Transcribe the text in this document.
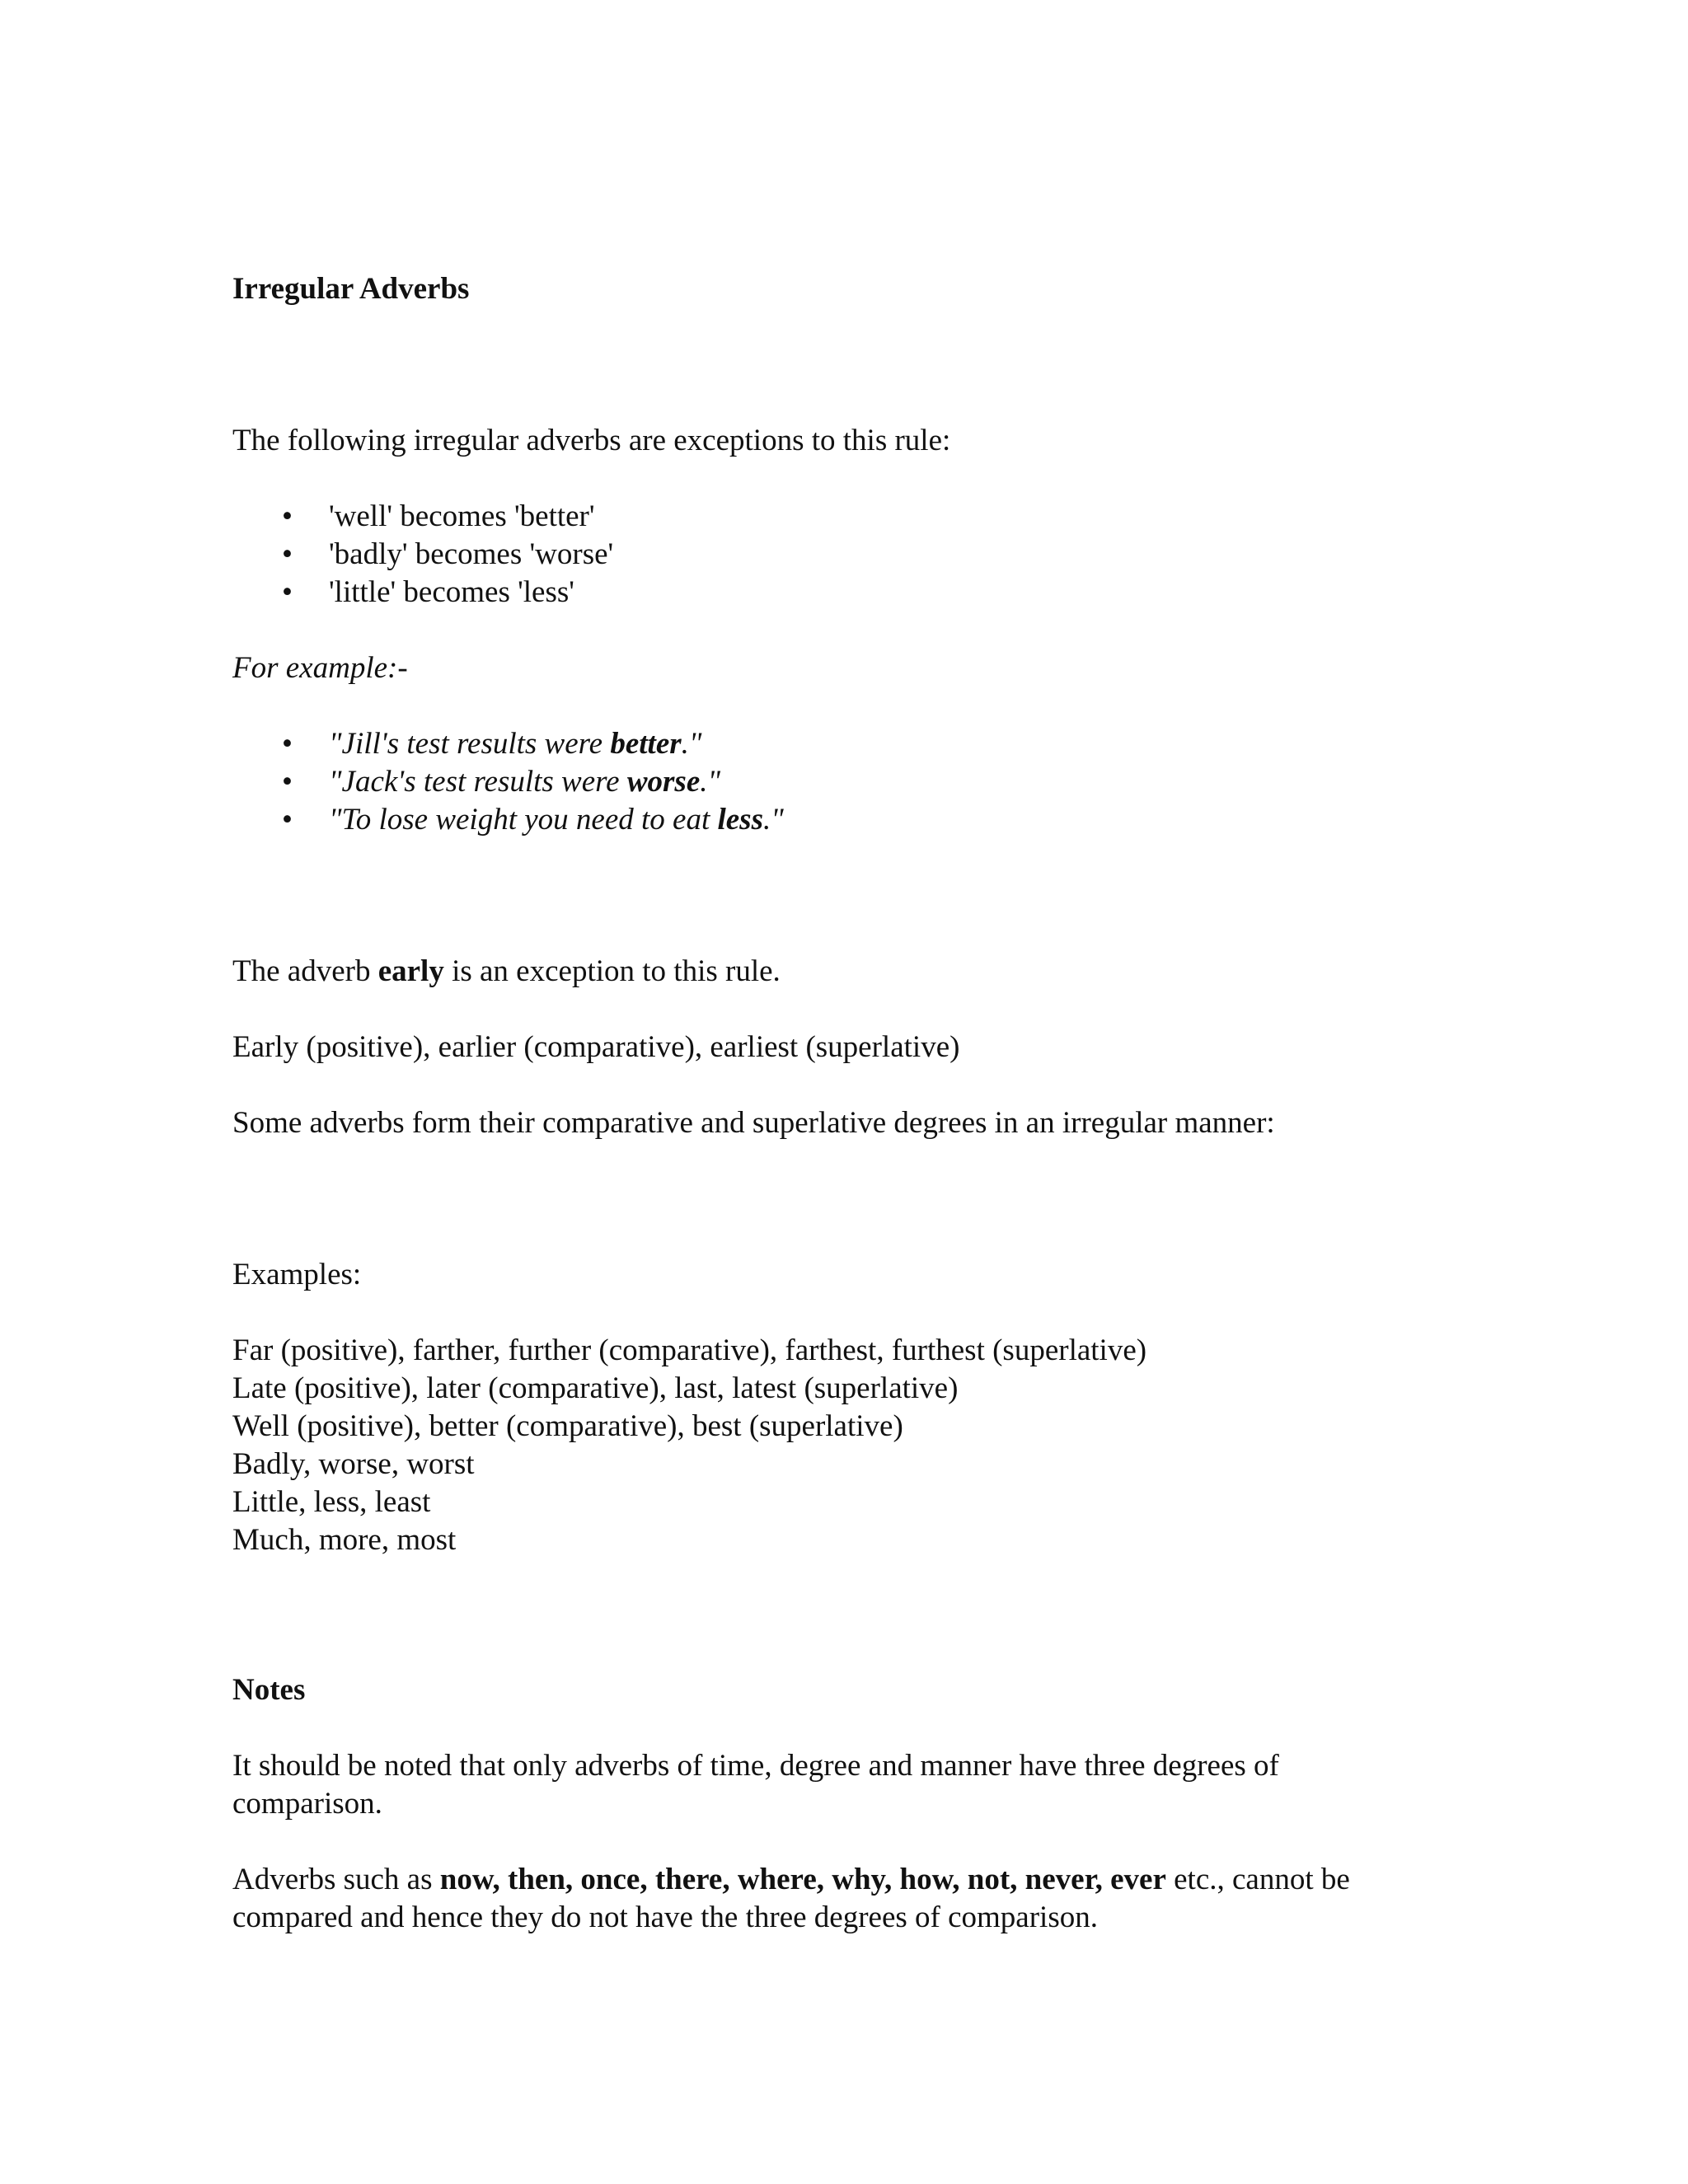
Irregular Adverbs

The following irregular adverbs are exceptions to this rule:

• 'well' becomes 'better'
• 'badly' becomes 'worse'
• 'little' becomes 'less'

For example:-

• "Jill's test results were better."
• "Jack's test results were worse."
• "To lose weight you need to eat less."

The adverb early is an exception to this rule.

Early (positive), earlier (comparative), earliest (superlative)

Some adverbs form their comparative and superlative degrees in an irregular manner:

Examples:

Far (positive), farther, further (comparative), farthest, furthest (superlative)
Late (positive), later (comparative), last, latest (superlative)
Well (positive), better (comparative), best (superlative)
Badly, worse, worst
Little, less, least
Much, more, most

Notes

It should be noted that only adverbs of time, degree and manner have three degrees of comparison.

Adverbs such as now, then, once, there, where, why, how, not, never, ever etc., cannot be compared and hence they do not have the three degrees of comparison.
